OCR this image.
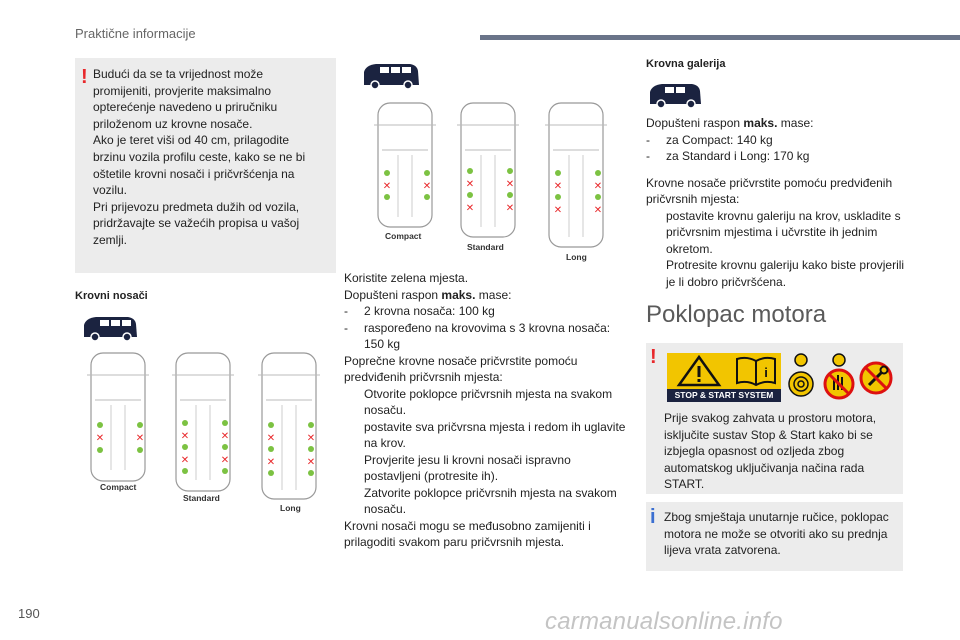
Praktične informacije
! Budući da se ta vrijednost može
promijeniti, provjerite maksimalno
opterećenje navedeno u priručniku
priloženom uz krovne nosače.
Ako je teret viši od 40 cm, prilagodite
brzinu vozila profilu ceste, kako se ne bi
oštetile krovni nosači i pričvršćenja na
vozilu.
Pri prijevozu predmeta dužih od vozila,
pridržavajte se važećih propisa u vašoj
zemlji.
Krovni nosači
✕	✕	✕	✕
✕	✕
✕	✕
✕	✕
Compact
Standard
Long
✕	✕	✕	✕
✕	✕
✕	✕
✕	✕
Compact
Standard
Long

Koristite zelena mjesta.

Dopušteni raspon maks. mase:

- 2 krovna nosača: 100 kg

- raspoređeno na krovovima s 3 krovna nosača: 150 kg

Poprečne krovne nosače pričvrstite pomoću predviđenih pričvrsnih mjesta:

Otvorite poklopce pričvrsnih mjesta na svakom nosaču.

postavite sva pričvrsna mjesta i redom ih uglavite na krov.

Provjerite jesu li krovni nosači ispravno postavljeni (protresite ih).

Zatvorite poklopce pričvrsnih mjesta na svakom nosaču.

Krovni nosači mogu se međusobno zamijeniti i prilagoditi svakom paru pričvrsnih mjesta.

Krovna galerija

Dopušteni raspon maks. mase:

- za Compact: 140 kg

- za Standard i Long: 170 kg

Krovne nosače pričvrstite pomoću predviđenih pričvrsnih mjesta:

postavite krovnu galeriju na krov, uskladite s pričvrsnim mjestima i učvrstite ih jednim okretom.

Protresite krovnu galeriju kako biste provjerili je li dobro pričvršćena.

Poklopac motora
!
i
STOP & START SYSTEM
Prije svakog zahvata u prostoru motora, isključite sustav Stop & Start kako bi se izbjegla opasnost od ozljeda zbog automatskog uključivanja načina rada START.
i Zbog smještaja unutarnje ručice, poklopac motora ne može se otvoriti ako su prednja lijeva vrata zatvorena.
190	carmanualsonline.info
